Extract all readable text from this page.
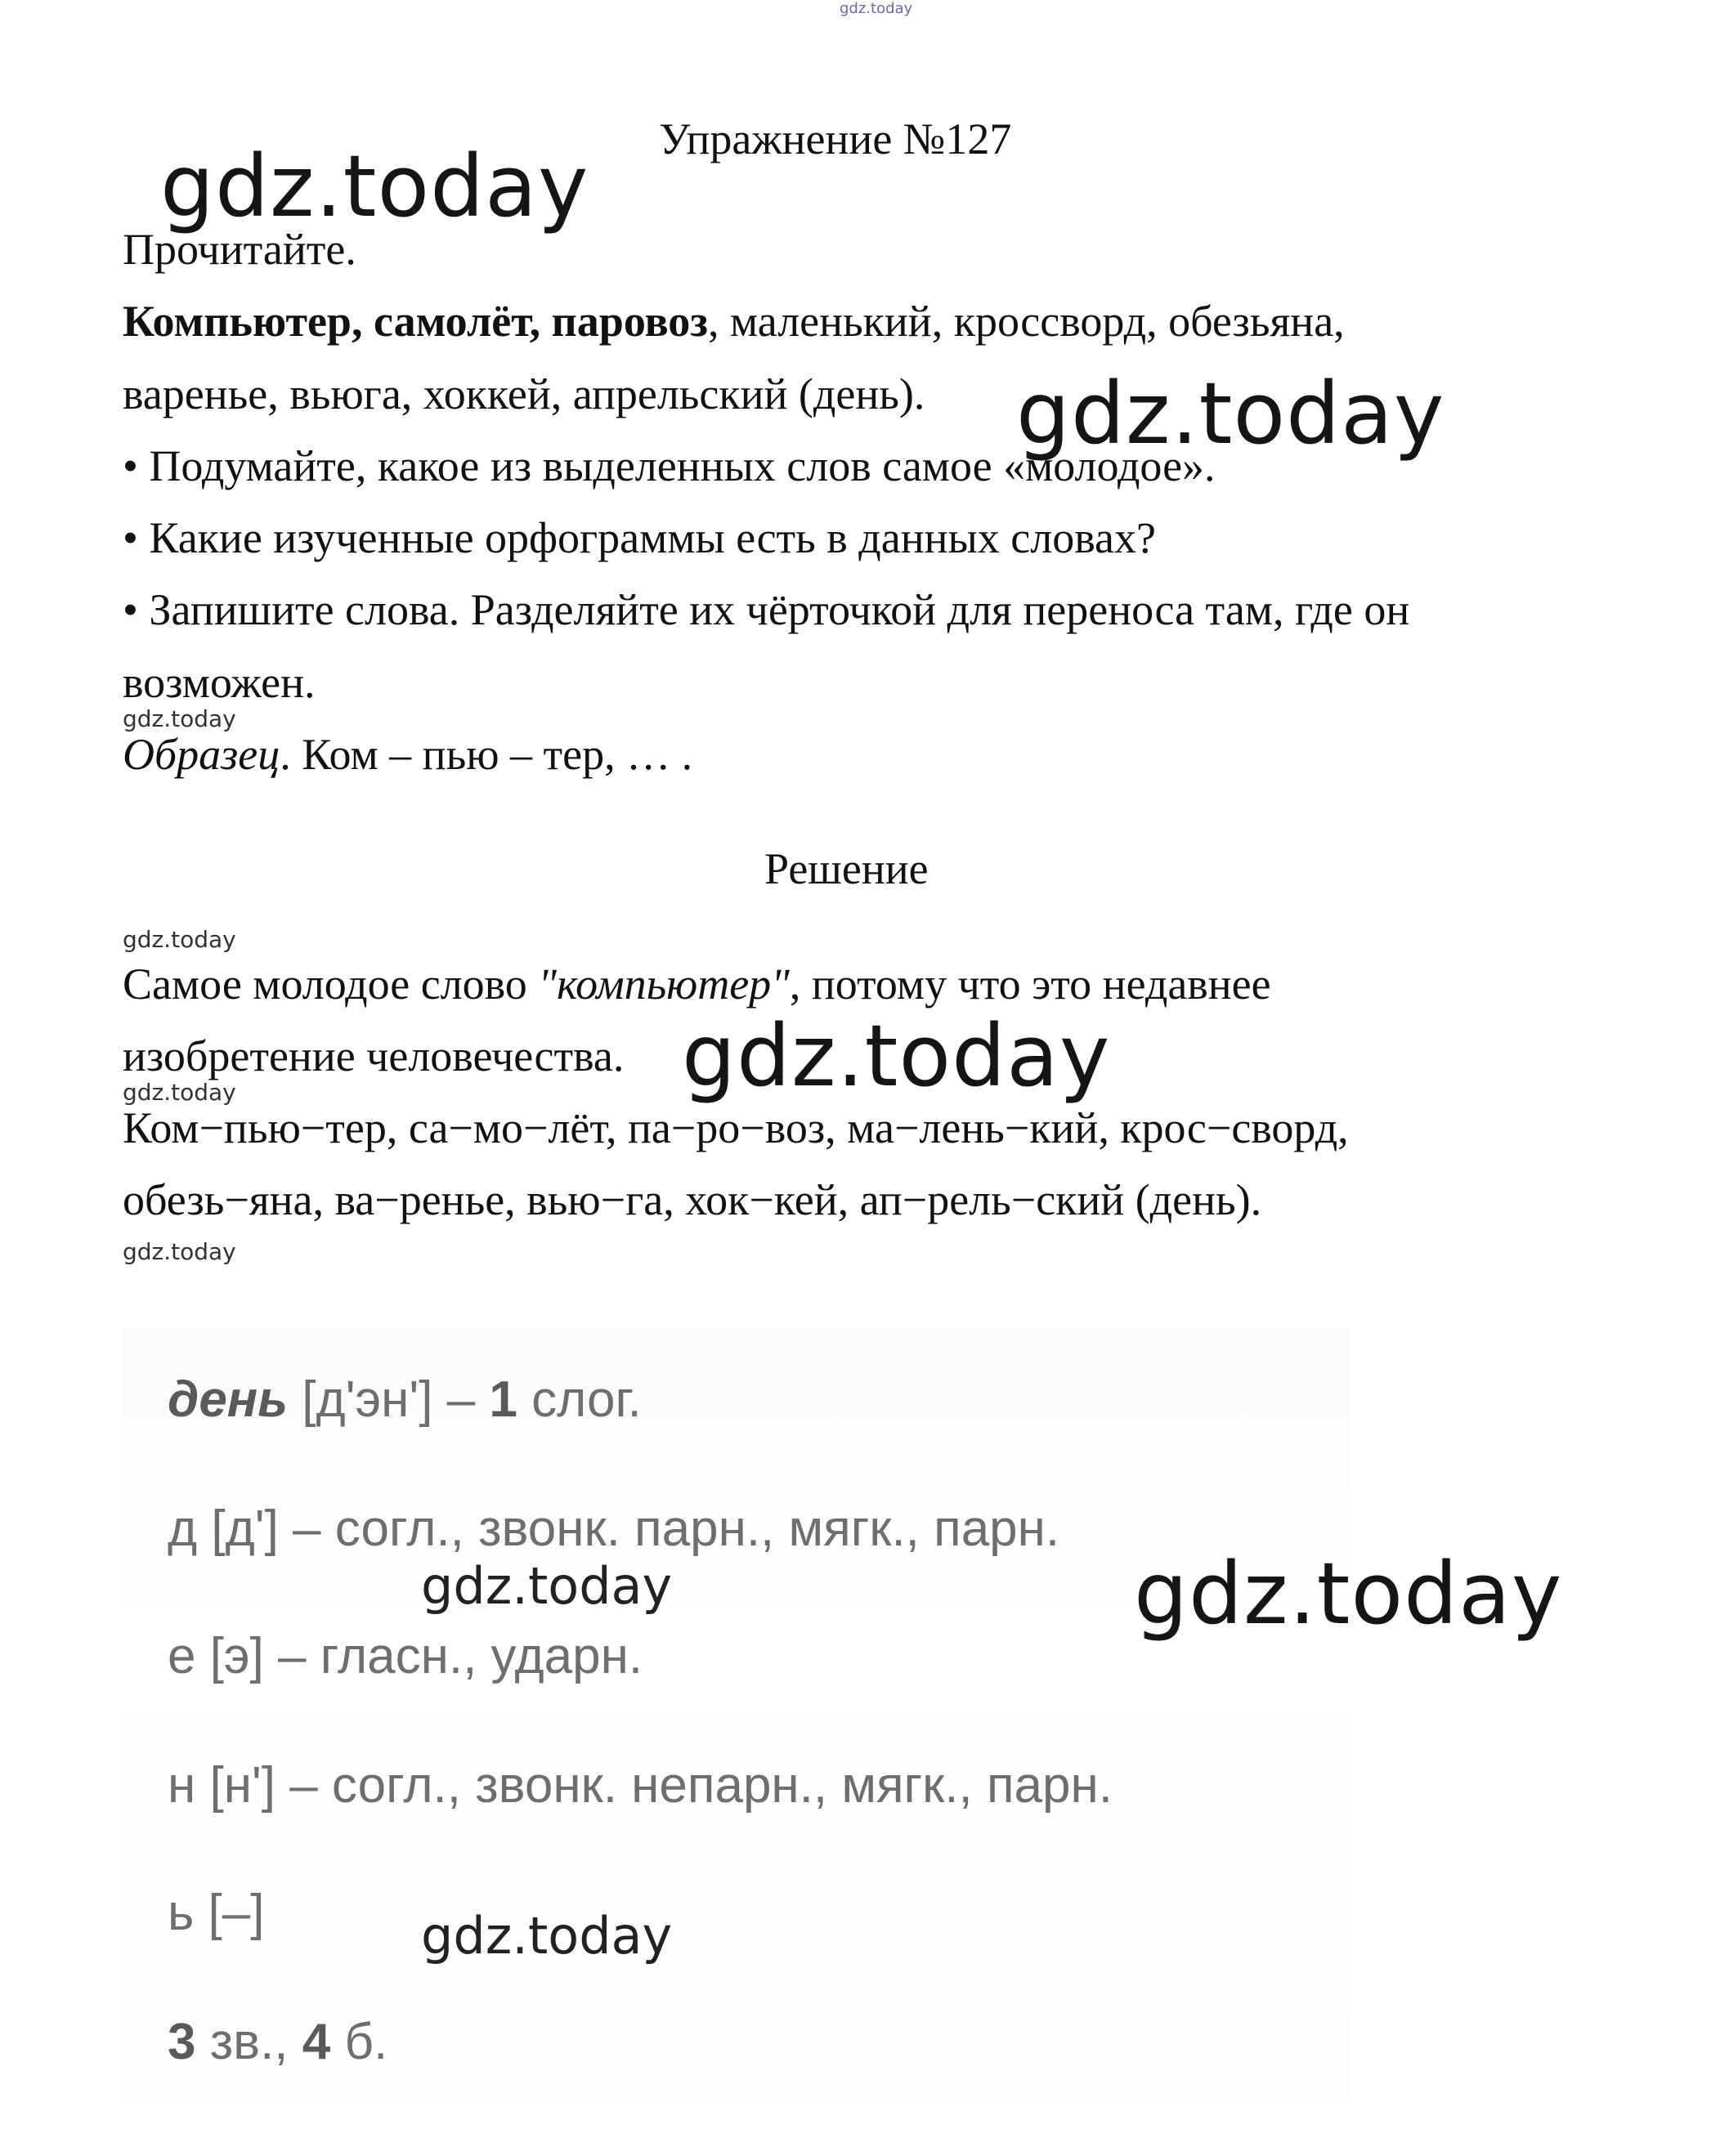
gdz.today
Упражнение №127
gdz.today
Прочитайте.
Компьютер, самолёт, паровоз, маленький, кроссворд, обезьяна,
варенье, вьюга, хоккей, апрельский (день). gdz.today
• Подумайте, какое из выделенных слов самое «молодое».
• Какие изученные орфограммы есть в данных словах?
• Запишите слова. Разделяйте их чёрточкой для переноса там, где он
возможен.
gdz.today
Образец. Ком – пью – тер, … .
Решение
gdz.today
Самое молодое слово "компьютер", потому что это недавнее
изобретение человечества. gdz.today
gdz.today
Ком−пью−тер, са−мо−лёт, па−ро−воз, ма−лень−кий, крос−сворд,
обезь−яна, ва−ренье, вью−га, хок−кей, ап−рель−ский (день).
gdz.today
день [д'эн'] – 1 слог.
д [д'] – согл., звонк. парн., мягк., парн.
gdz.today	gdz.today
е [э] – гласн., ударн.
н [н'] – согл., звонк. непарн., мягк., парн.
ь [–]	gdz.today
3 зв., 4 б.
